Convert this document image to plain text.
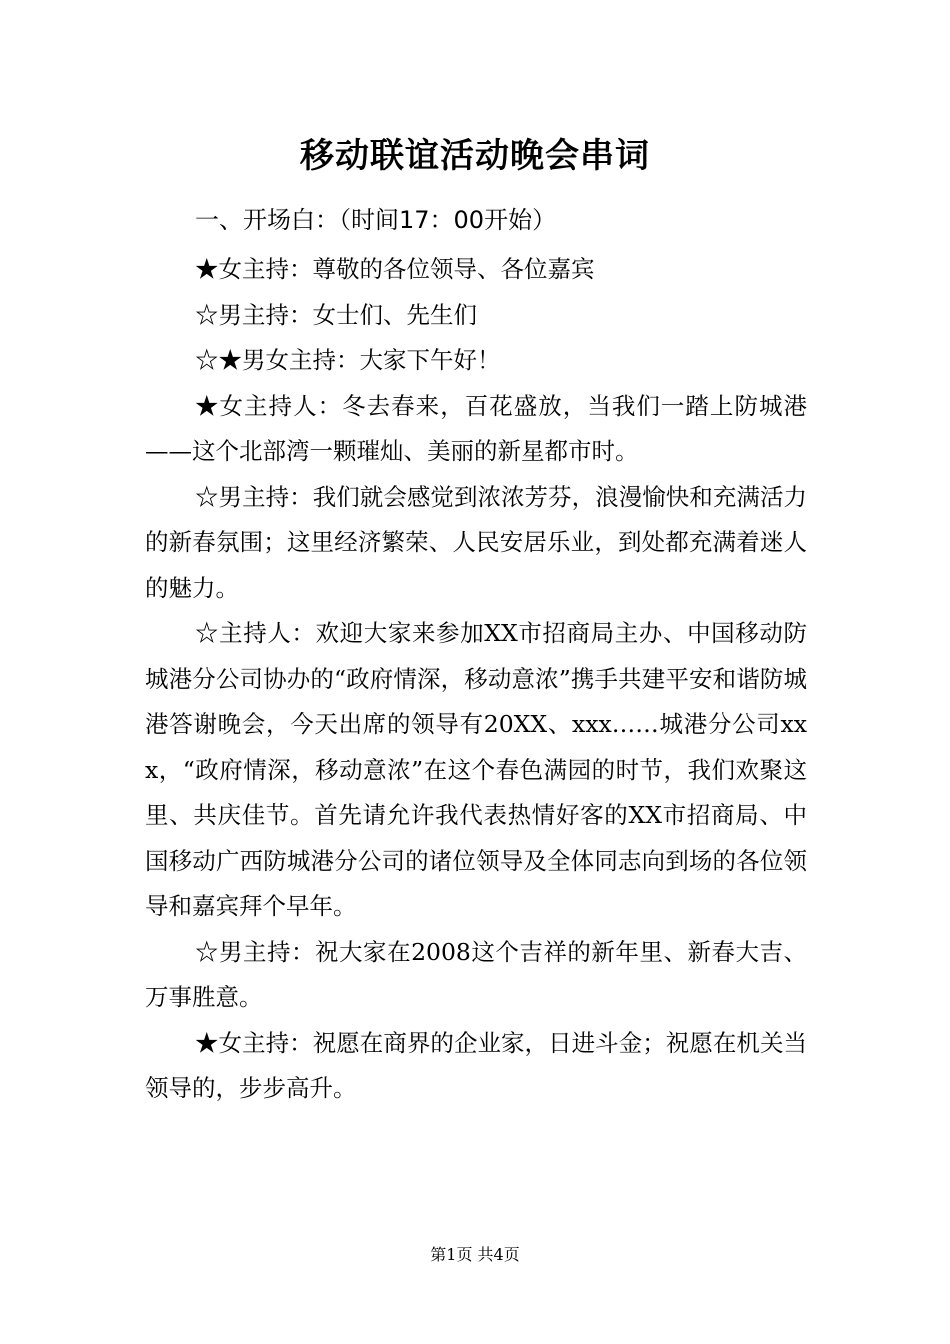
移动联谊活动晚会串词
一、开场白：（时间17：00开始）

★女主持：尊敬的各位领导、各位嘉宾

☆男主持：女士们、先生们

☆★男女主持：大家下午好！

★女主持人：冬去春来，百花盛放，当我们一踏上防城港——这个北部湾一颗璀灿、美丽的新星都市时。

☆男主持：我们就会感觉到浓浓芳芬，浪漫愉快和充满活力的新春氛围；这里经济繁荣、人民安居乐业，到处都充满着迷人的魅力。

☆主持人：欢迎大家来参加XX市招商局主办、中国移动防城港分公司协办的“政府情深，移动意浓”携手共建平安和谐防城港答谢晚会，今天出席的领导有20XX、xxx……城港分公司xxx，“政府情深，移动意浓”在这个春色满园的时节，我们欢聚这里、共庆佳节。首先请允许我代表热情好客的XX市招商局、中国移动广西防城港分公司的诸位领导及全体同志向到场的各位领导和嘉宾拜个早年。

☆男主持：祝大家在2008这个吉祥的新年里、新春大吉、万事胜意。

★女主持：祝愿在商界的企业家，日进斗金；祝愿在机关当领导的，步步高升。

第1页 共4页
